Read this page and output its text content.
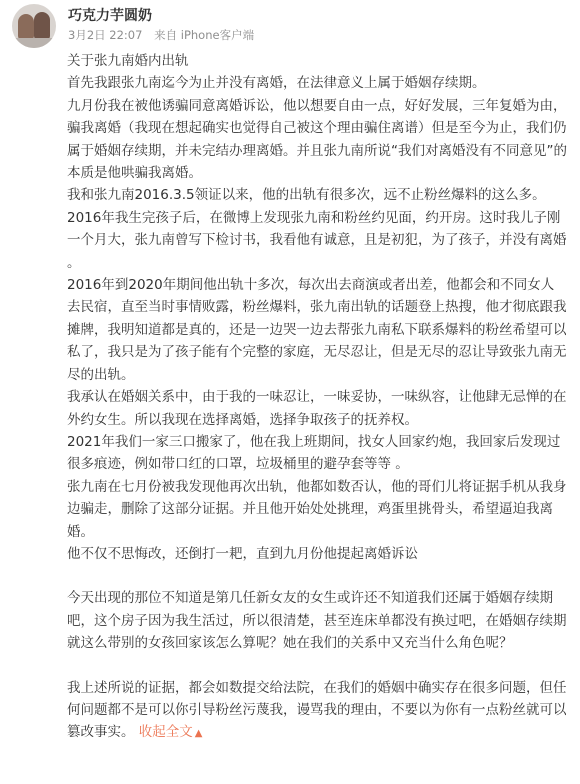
巧克力芋圆奶
3月2日 22:07 来自 iPhone客户端

关于张九南婚内出轨

首先我跟张九南迄今为止并没有离婚，在法律意义上属于婚姻存续期。

九月份我在被他诱骗同意离婚诉讼，他以想要自由一点，好好发展，三年复婚为由，骗我离婚（我现在想起确实也觉得自己被这个理由骗住离谱）但是至今为止，我们仍属于婚姻存续期，并未完结办理离婚。并且张九南所说“我们对离婚没有不同意见”的本质是他哄骗我离婚。

我和张九南2016.3.5领证以来，他的出轨有很多次，远不止粉丝爆料的这么多。

2016年我生完孩子后，在微博上发现张九南和粉丝约见面，约开房。这时我儿子刚一个月大，张九南曾写下检讨书，我看他有诚意，且是初犯，为了孩子，并没有离婚 。

2016年到2020年期间他出轨十多次，每次出去商演或者出差，他都会和不同女人去民宿，直至当时事情败露，粉丝爆料，张九南出轨的话题登上热搜，他才彻底跟我摊牌，我明知道都是真的，还是一边哭一边去帮张九南私下联系爆料的粉丝希望可以私了，我只是为了孩子能有个完整的家庭，无尽忍让，但是无尽的忍让导致张九南无尽的出轨。

我承认在婚姻关系中，由于我的一味忍让，一味妥协，一味纵容，让他肆无忌惮的在外约女生。所以我现在选择离婚，选择争取孩子的抚养权。

2021年我们一家三口搬家了，他在我上班期间，找女人回家约炮，我回家后发现过很多痕迹，例如带口红的口罩，垃圾桶里的避孕套等等 。

张九南在七月份被我发现他再次出轨，他都如数否认，他的哥们儿将证据手机从我身边骗走，删除了这部分证据。并且他开始处处挑理，鸡蛋里挑骨头，希望逼迫我离婚。

他不仅不思悔改，还倒打一耙，直到九月份他提起离婚诉讼

今天出现的那位不知道是第几任新女友的女生或许还不知道我们还属于婚姻存续期吧，这个房子因为我生活过，所以很清楚，甚至连床单都没有换过吧，在婚姻存续期就这么带别的女孩回家该怎么算呢？她在我们的关系中又充当什么角色呢？

我上述所说的证据，都会如数提交给法院，在我们的婚姻中确实存在很多问题，但任何问题都不是可以你引导粉丝污蔑我，谩骂我的理由，不要以为你有一点粉丝就可以篡改事实。 收起全文 ▲
